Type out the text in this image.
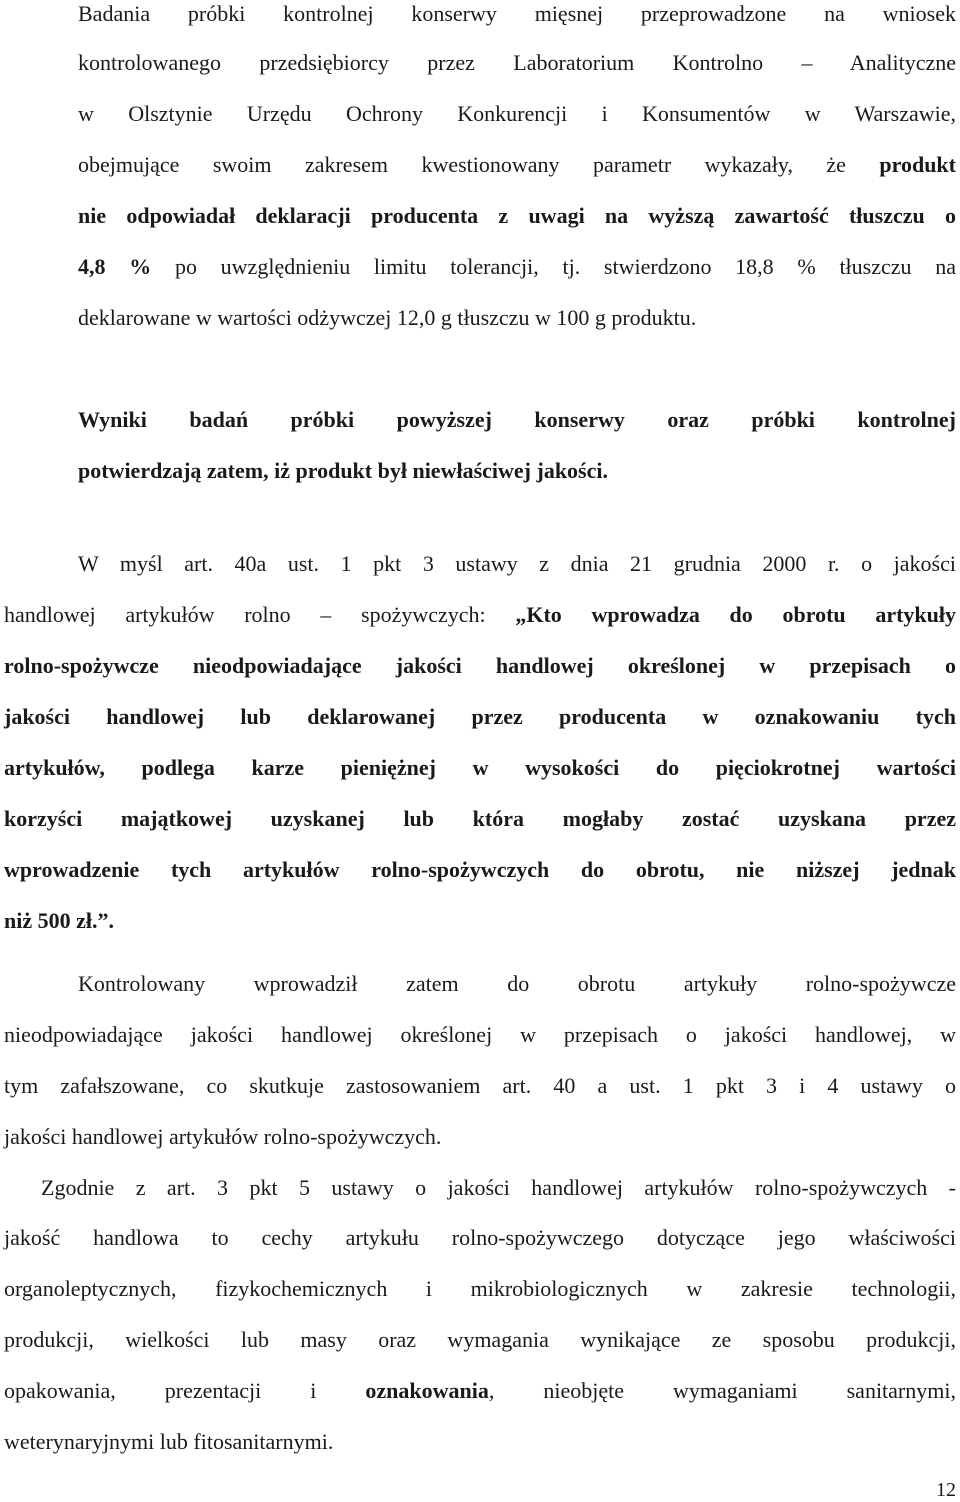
Badania próbki kontrolnej konserwy mięsnej przeprowadzone na wniosek
kontrolowanego przedsiębiorcy przez Laboratorium Kontrolno – Analityczne
w Olsztynie Urzędu Ochrony Konkurencji i Konsumentów w Warszawie,
obejmujące swoim zakresem kwestionowany parametr wykazały, że produkt
nie odpowiadał deklaracji producenta z uwagi na wyższą zawartość tłuszczu o
4,8 % po uwzględnieniu limitu tolerancji, tj. stwierdzono 18,8 % tłuszczu na
deklarowane w wartości odżywczej 12,0 g tłuszczu w 100 g produktu.
Wyniki badań próbki powyższej konserwy oraz próbki kontrolnej
potwierdzają zatem, iż produkt był niewłaściwej jakości.
W myśl art. 40a ust. 1 pkt 3 ustawy z dnia 21 grudnia 2000 r. o jakości
handlowej artykułów rolno – spożywczych: „Kto wprowadza do obrotu artykuły
rolno-spożywcze nieodpowiadające jakości handlowej określonej w przepisach o
jakości handlowej lub deklarowanej przez producenta w oznakowaniu tych
artykułów, podlega karze pieniężnej w wysokości do pięciokrotnej wartości
korzyści majątkowej uzyskanej lub która mogłaby zostać uzyskana przez
wprowadzenie tych artykułów rolno-spożywczych do obrotu, nie niższej jednak
niż 500 zł.”.
Kontrolowany wprowadził zatem do obrotu artykuły rolno-spożywcze
nieodpowiadające jakości handlowej określonej w przepisach o jakości handlowej, w
tym zafałszowane, co skutkuje zastosowaniem art. 40 a ust. 1 pkt 3 i 4 ustawy o
jakości handlowej artykułów rolno-spożywczych.
Zgodnie z art. 3 pkt 5 ustawy o jakości handlowej artykułów rolno-spożywczych -
jakość handlowa to cechy artykułu rolno-spożywczego dotyczące jego właściwości
organoleptycznych, fizykochemicznych i mikrobiologicznych w zakresie technologii,
produkcji, wielkości lub masy oraz wymagania wynikające ze sposobu produkcji,
opakowania, prezentacji i oznakowania, nieobjęte wymaganiami sanitarnymi,
weterynaryjnymi lub fitosanitarnymi.
12
